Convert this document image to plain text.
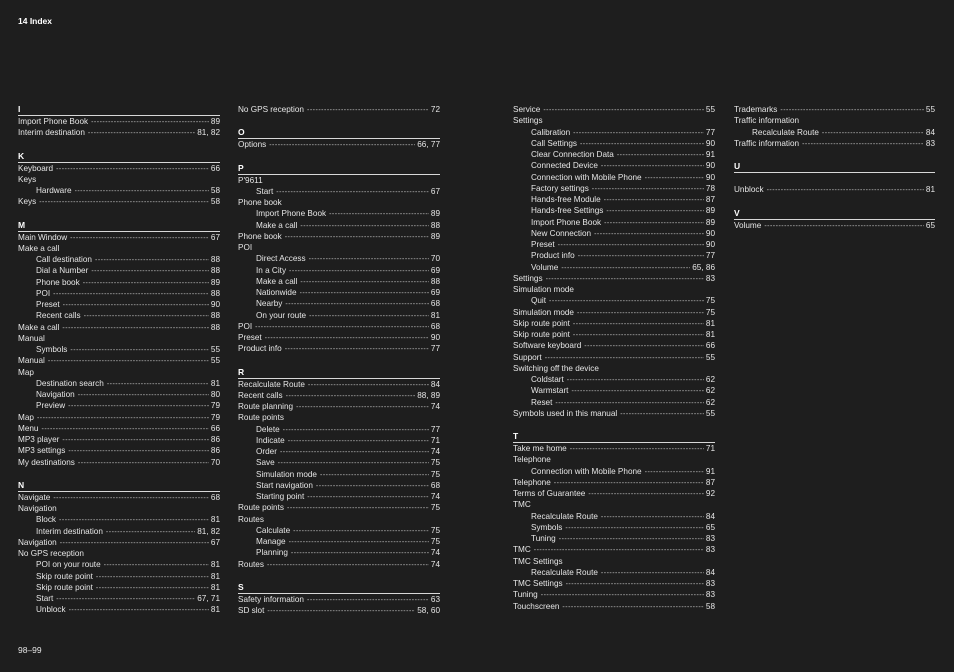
14 Index
I
Import Phone Book -----	89
Interim destination -----	81, 82
K
Keyboard -----	66
Keys
Hardware -----	58
Keys -----	58
M
Main Window -----	67
Make a call
Call destination -----	88
Dial a Number -----	88
Phone book -----	89
POI -----	88
Preset -----	90
Recent calls -----	88
Make a call -----	88
Manual
Symbols -----	55
Manual -----	55
Map
Destination search -----	81
Navigation -----	80
Preview -----	79
Map -----	79
Menu -----	66
MP3 player -----	86
MP3 settings -----	86
My destinations -----	70
N
Navigate -----	68
Navigation
Block -----	81
Interim destination -----	81, 82
Navigation -----	67
No GPS reception
POI on your route -----	81
Skip route point -----	81
Skip route point -----	81
Start -----	67, 71
Unblock -----	81
No GPS reception -----	72
O
Options -----	66, 77
P
P'9611
Start -----	67
Phone book
Import Phone Book -----	89
Make a call -----	88
Phone book -----	89
POI
Direct Access -----	70
In a City -----	69
Make a call -----	88
Nationwide -----	69
Nearby -----	68
On your route -----	81
POI -----	68
Preset -----	90
Product info -----	77
R
Recalculate Route -----	84
Recent calls -----	88, 89
Route planning -----	74
Route points
Delete -----	77
Indicate -----	71
Order -----	74
Save -----	75
Simulation mode -----	75
Start navigation -----	68
Starting point -----	74
Route points -----	75
Routes
Calculate -----	75
Manage -----	75
Planning -----	74
Routes -----	74
S
Safety information -----	63
SD slot -----	58, 60
Service -----	55
Settings
Calibration -----	77
Call Settings -----	90
Clear Connection Data -----	91
Connected Device -----	90
Connection with Mobile Phone -----	90
Factory settings -----	78
Hands-free Module -----	87
Hands-free Settings -----	89
Import Phone Book -----	89
New Connection -----	90
Preset -----	90
Product info -----	77
Volume -----	65, 86
Settings -----	83
Simulation mode
Quit -----	75
Simulation mode -----	75
Skip route point -----	81
Skip route point -----	81
Software keyboard -----	66
Support -----	55
Switching off the device
Coldstart -----	62
Warmstart -----	62
Reset -----	62
Symbols used in this manual -----	55
T
Take me home -----	71
Telephone
Connection with Mobile Phone -----	91
Telephone -----	87
Terms of Guarantee -----	92
TMC
Recalculate Route -----	84
Symbols -----	65
Tuning -----	83
TMC -----	83
TMC Settings
Recalculate Route -----	84
TMC Settings -----	83
Tuning -----	83
Touchscreen -----	58
Trademarks -----	55
Traffic information
Recalculate Route -----	84
Traffic information -----	83
U
Unblock -----	81
V
Volume -----	65
98–99
